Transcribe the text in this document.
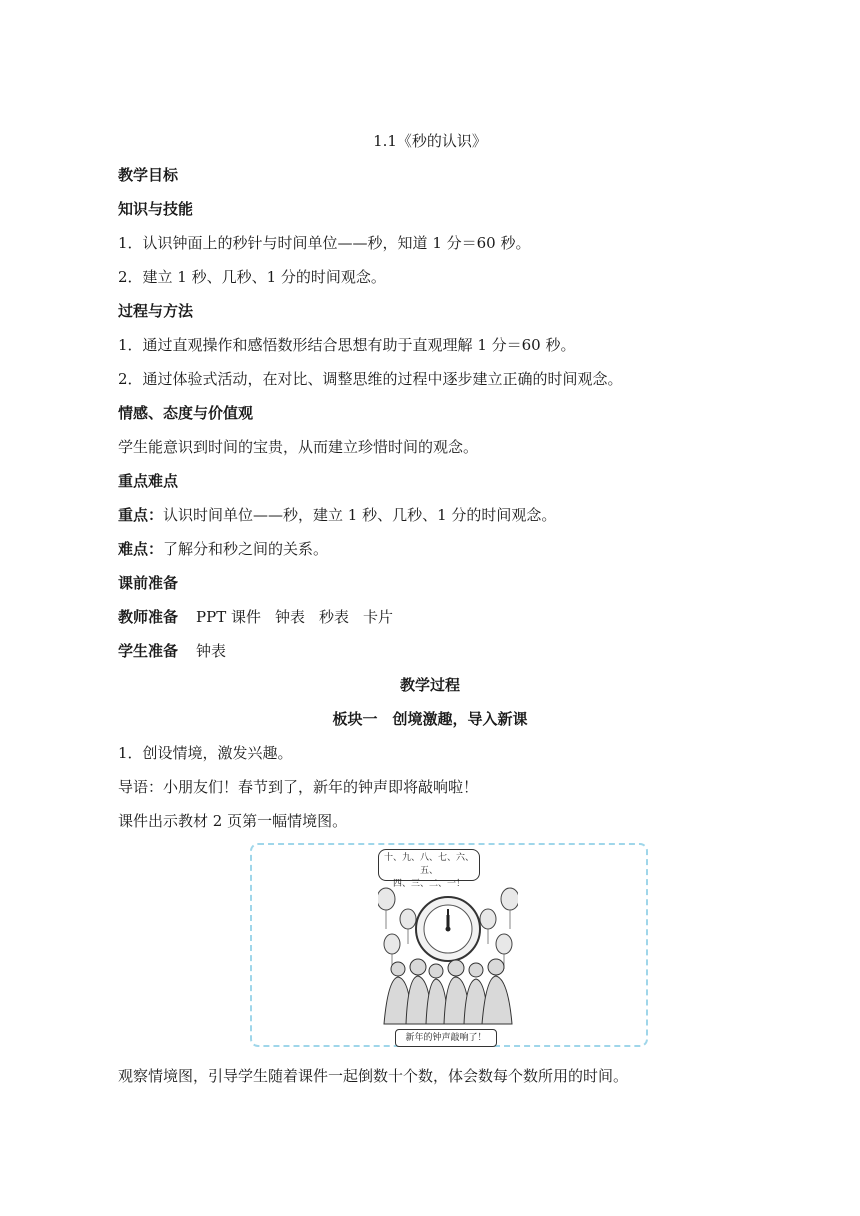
1.1《秒的认识》
教学目标
知识与技能
1．认识钟面上的秒针与时间单位——秒，知道 1 分＝60 秒。
2．建立 1 秒、几秒、1 分的时间观念。
过程与方法
1．通过直观操作和感悟数形结合思想有助于直观理解 1 分＝60 秒。
2．通过体验式活动，在对比、调整思维的过程中逐步建立正确的时间观念。
情感、态度与价值观
学生能意识到时间的宝贵，从而建立珍惜时间的观念。
重点难点
重点：认识时间单位——秒，建立 1 秒、几秒、1 分的时间观念。
难点：了解分和秒之间的关系。
课前准备
教师准备 PPT 课件 钟表 秒表 卡片
学生准备 钟表
教学过程
板块一　创境激趣，导入新课
1．创设情境，激发兴趣。
导语：小朋友们！春节到了，新年的钟声即将敲响啦！
课件出示教材 2 页第一幅情境图。
十、九、八、七、六、五、
四、三、二、一！
新年的钟声敲响了！
观察情境图，引导学生随着课件一起倒数十个数，体会数每个数所用的时间。
